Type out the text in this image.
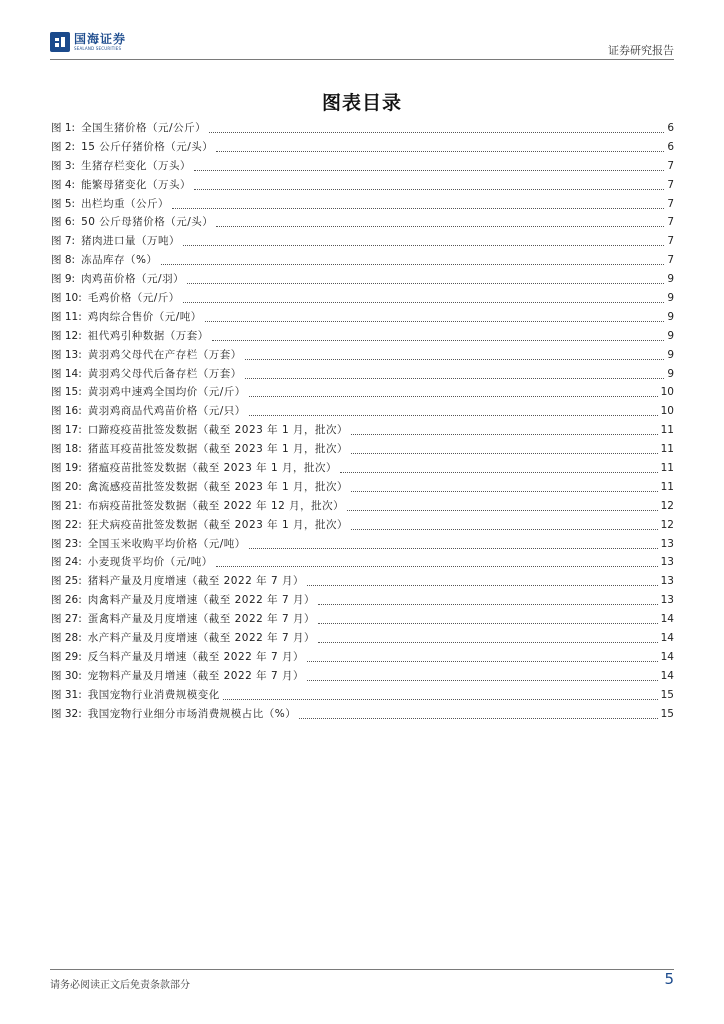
国海证券
SEALAND SECURITIES	证券研究报告
图表目录
图 1: 全国生猪价格（元/公斤）	6
图 2: 15 公斤仔猪价格（元/头）	6
图 3: 生猪存栏变化（万头）	7
图 4: 能繁母猪变化（万头）	7
图 5: 出栏均重（公斤）	7
图 6: 50 公斤母猪价格（元/头）	7
图 7: 猪肉进口量（万吨）	7
图 8: 冻品库存（%）	7
图 9: 肉鸡苗价格（元/羽）	9
图 10: 毛鸡价格（元/斤）	9
图 11: 鸡肉综合售价（元/吨）	9
图 12: 祖代鸡引种数据（万套）	9
图 13: 黄羽鸡父母代在产存栏（万套）	9
图 14: 黄羽鸡父母代后备存栏（万套）	9
图 15: 黄羽鸡中速鸡全国均价（元/斤）	10
图 16: 黄羽鸡商品代鸡苗价格（元/只）	10
图 17: 口蹄疫疫苗批签发数据（截至 2023 年 1 月，批次）	11
图 18: 猪蓝耳疫苗批签发数据（截至 2023 年 1 月，批次）	11
图 19: 猪瘟疫苗批签发数据（截至 2023 年 1 月，批次）	11
图 20: 禽流感疫苗批签发数据（截至 2023 年 1 月，批次）	11
图 21: 布病疫苗批签发数据（截至 2022 年 12 月，批次）	12
图 22: 狂犬病疫苗批签发数据（截至 2023 年 1 月，批次）	12
图 23: 全国玉米收购平均价格（元/吨）	13
图 24: 小麦现货平均价（元/吨）	13
图 25: 猪料产量及月度增速（截至 2022 年 7 月）	13
图 26: 肉禽料产量及月度增速（截至 2022 年 7 月）	13
图 27: 蛋禽料产量及月度增速（截至 2022 年 7 月）	14
图 28: 水产料产量及月度增速（截至 2022 年 7 月）	14
图 29: 反刍料产量及月增速（截至 2022 年 7 月）	14
图 30: 宠物料产量及月增速（截至 2022 年 7 月）	14
图 31: 我国宠物行业消费规模变化	15
图 32: 我国宠物行业细分市场消费规模占比（%）	15
请务必阅读正文后免责条款部分	5
